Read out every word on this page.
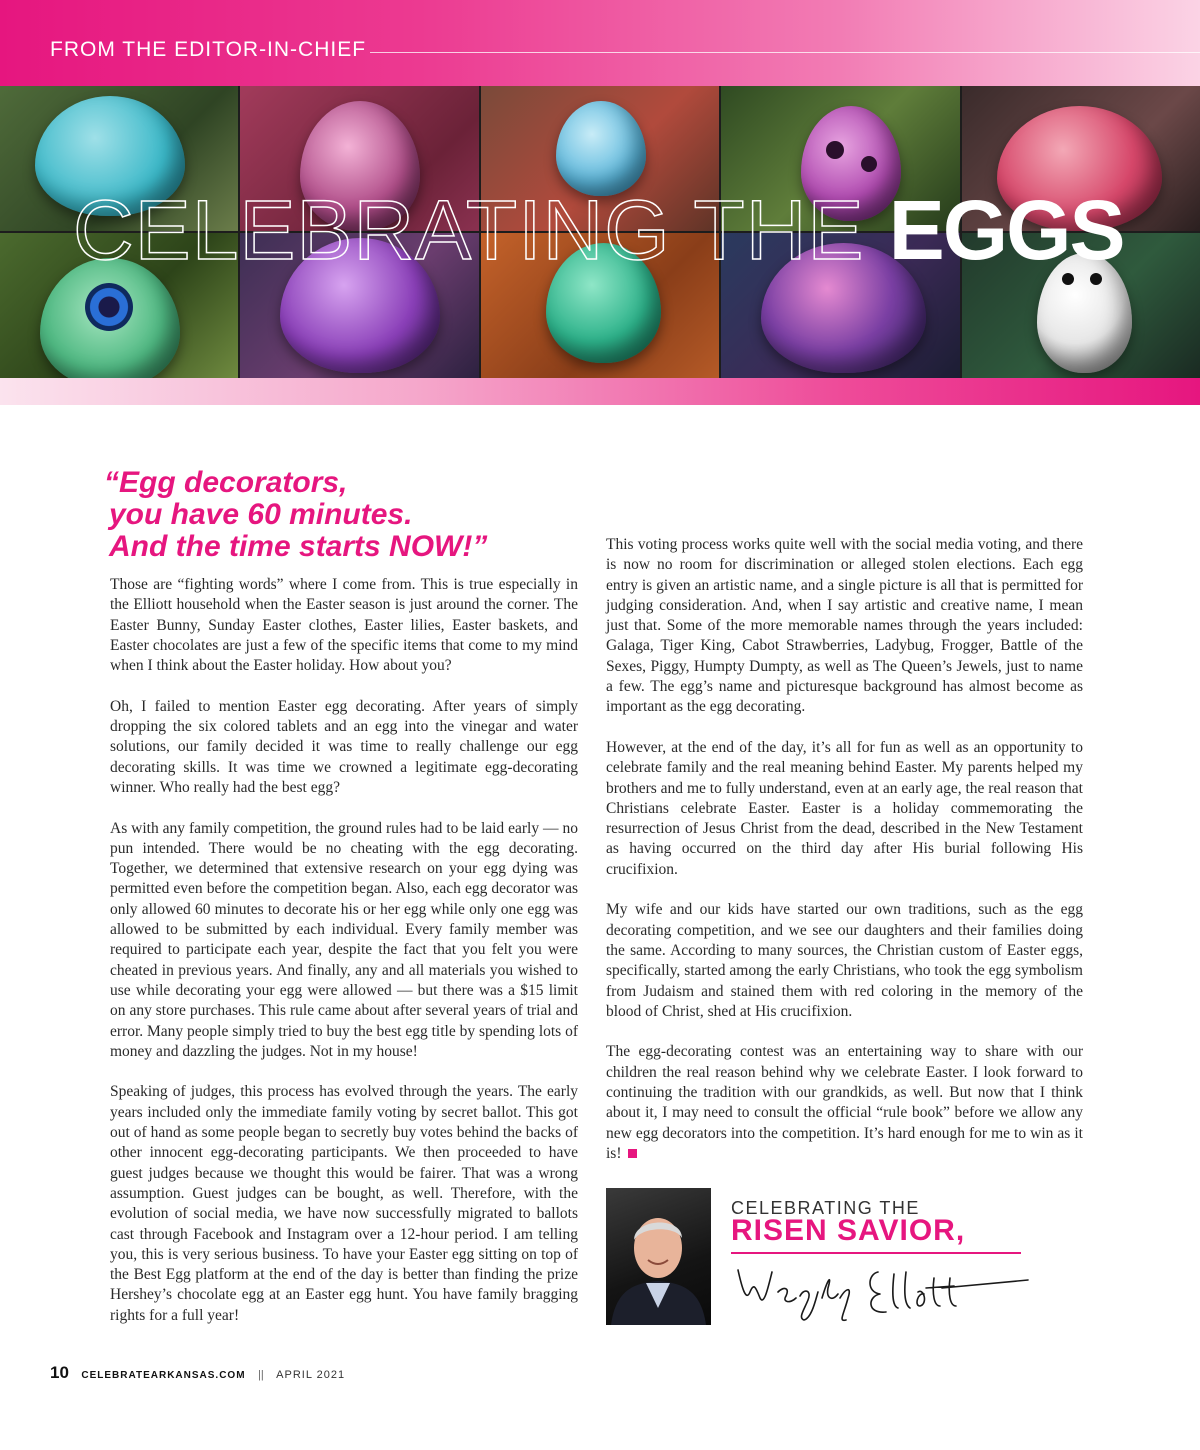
FROM THE EDITOR-IN-CHIEF
CELEBRATING THE EGGS
“Egg decorators,
you have 60 minutes.
And the time starts NOW!”

Those are “fighting words” where I come from. This is true especially in the Elliott household when the Easter season is just around the corner. The Easter Bunny, Sunday Easter clothes, Easter lilies, Easter baskets, and Easter chocolates are just a few of the specific items that come to my mind when I think about the Easter holiday. How about you?

Oh, I failed to mention Easter egg decorating. After years of simply dropping the six colored tablets and an egg into the vinegar and water solutions, our family decided it was time to really challenge our egg decorating skills. It was time we crowned a legitimate egg-decorating winner. Who really had the best egg?

As with any family competition, the ground rules had to be laid early — no pun intended. There would be no cheating with the egg decorating. Together, we determined that extensive research on your egg dying was permitted even before the competition began. Also, each egg decorator was only allowed 60 minutes to decorate his or her egg while only one egg was allowed to be submitted by each individual. Every family member was required to participate each year, despite the fact that you felt you were cheated in previous years. And finally, any and all materials you wished to use while decorating your egg were allowed — but there was a $15 limit on any store purchases. This rule came about after several years of trial and error. Many people simply tried to buy the best egg title by spending lots of money and dazzling the judges. Not in my house!

Speaking of judges, this process has evolved through the years. The early years included only the immediate family voting by secret ballot. This got out of hand as some people began to secretly buy votes behind the backs of other innocent egg-decorating participants. We then proceeded to have guest judges because we thought this would be fairer. That was a wrong assumption. Guest judges can be bought, as well. Therefore, with the evolution of social media, we have now successfully migrated to ballots cast through Facebook and Instagram over a 12-hour period. I am telling you, this is very serious business. To have your Easter egg sitting on top of the Best Egg platform at the end of the day is better than finding the prize Hershey’s chocolate egg at an Easter egg hunt. You have family bragging rights for a full year!

This voting process works quite well with the social media voting, and there is now no room for discrimination or alleged stolen elections. Each egg entry is given an artistic name, and a single picture is all that is permitted for judging consideration. And, when I say artistic and creative name, I mean just that. Some of the more memorable names through the years included: Galaga, Tiger King, Cabot Strawberries, Ladybug, Frogger, Battle of the Sexes, Piggy, Humpty Dumpty, as well as The Queen’s Jewels, just to name a few. The egg’s name and picturesque background has almost become as important as the egg decorating.

However, at the end of the day, it’s all for fun as well as an opportunity to celebrate family and the real meaning behind Easter. My parents helped my brothers and me to fully understand, even at an early age, the real reason that Christians celebrate Easter. Easter is a holiday commemorating the resurrection of Jesus Christ from the dead, described in the New Testament as having occurred on the third day after His burial following His crucifixion.

My wife and our kids have started our own traditions, such as the egg decorating competition, and we see our daughters and their families doing the same. According to many sources, the Christian custom of Easter eggs, specifically, started among the early Christians, who took the egg symbolism from Judaism and stained them with red coloring in the memory of the blood of Christ, shed at His crucifixion.

The egg-decorating contest was an entertaining way to share with our children the real reason behind why we celebrate Easter. I look forward to continuing the tradition with our grandkids, as well. But now that I think about it, I may need to consult the official “rule book” before we allow any new egg decorators into the competition. It’s hard enough for me to win as it is!

CELEBRATING THE
RISEN SAVIOR,
10 CELEBRATEARKANSAS.COM || APRIL 2021
